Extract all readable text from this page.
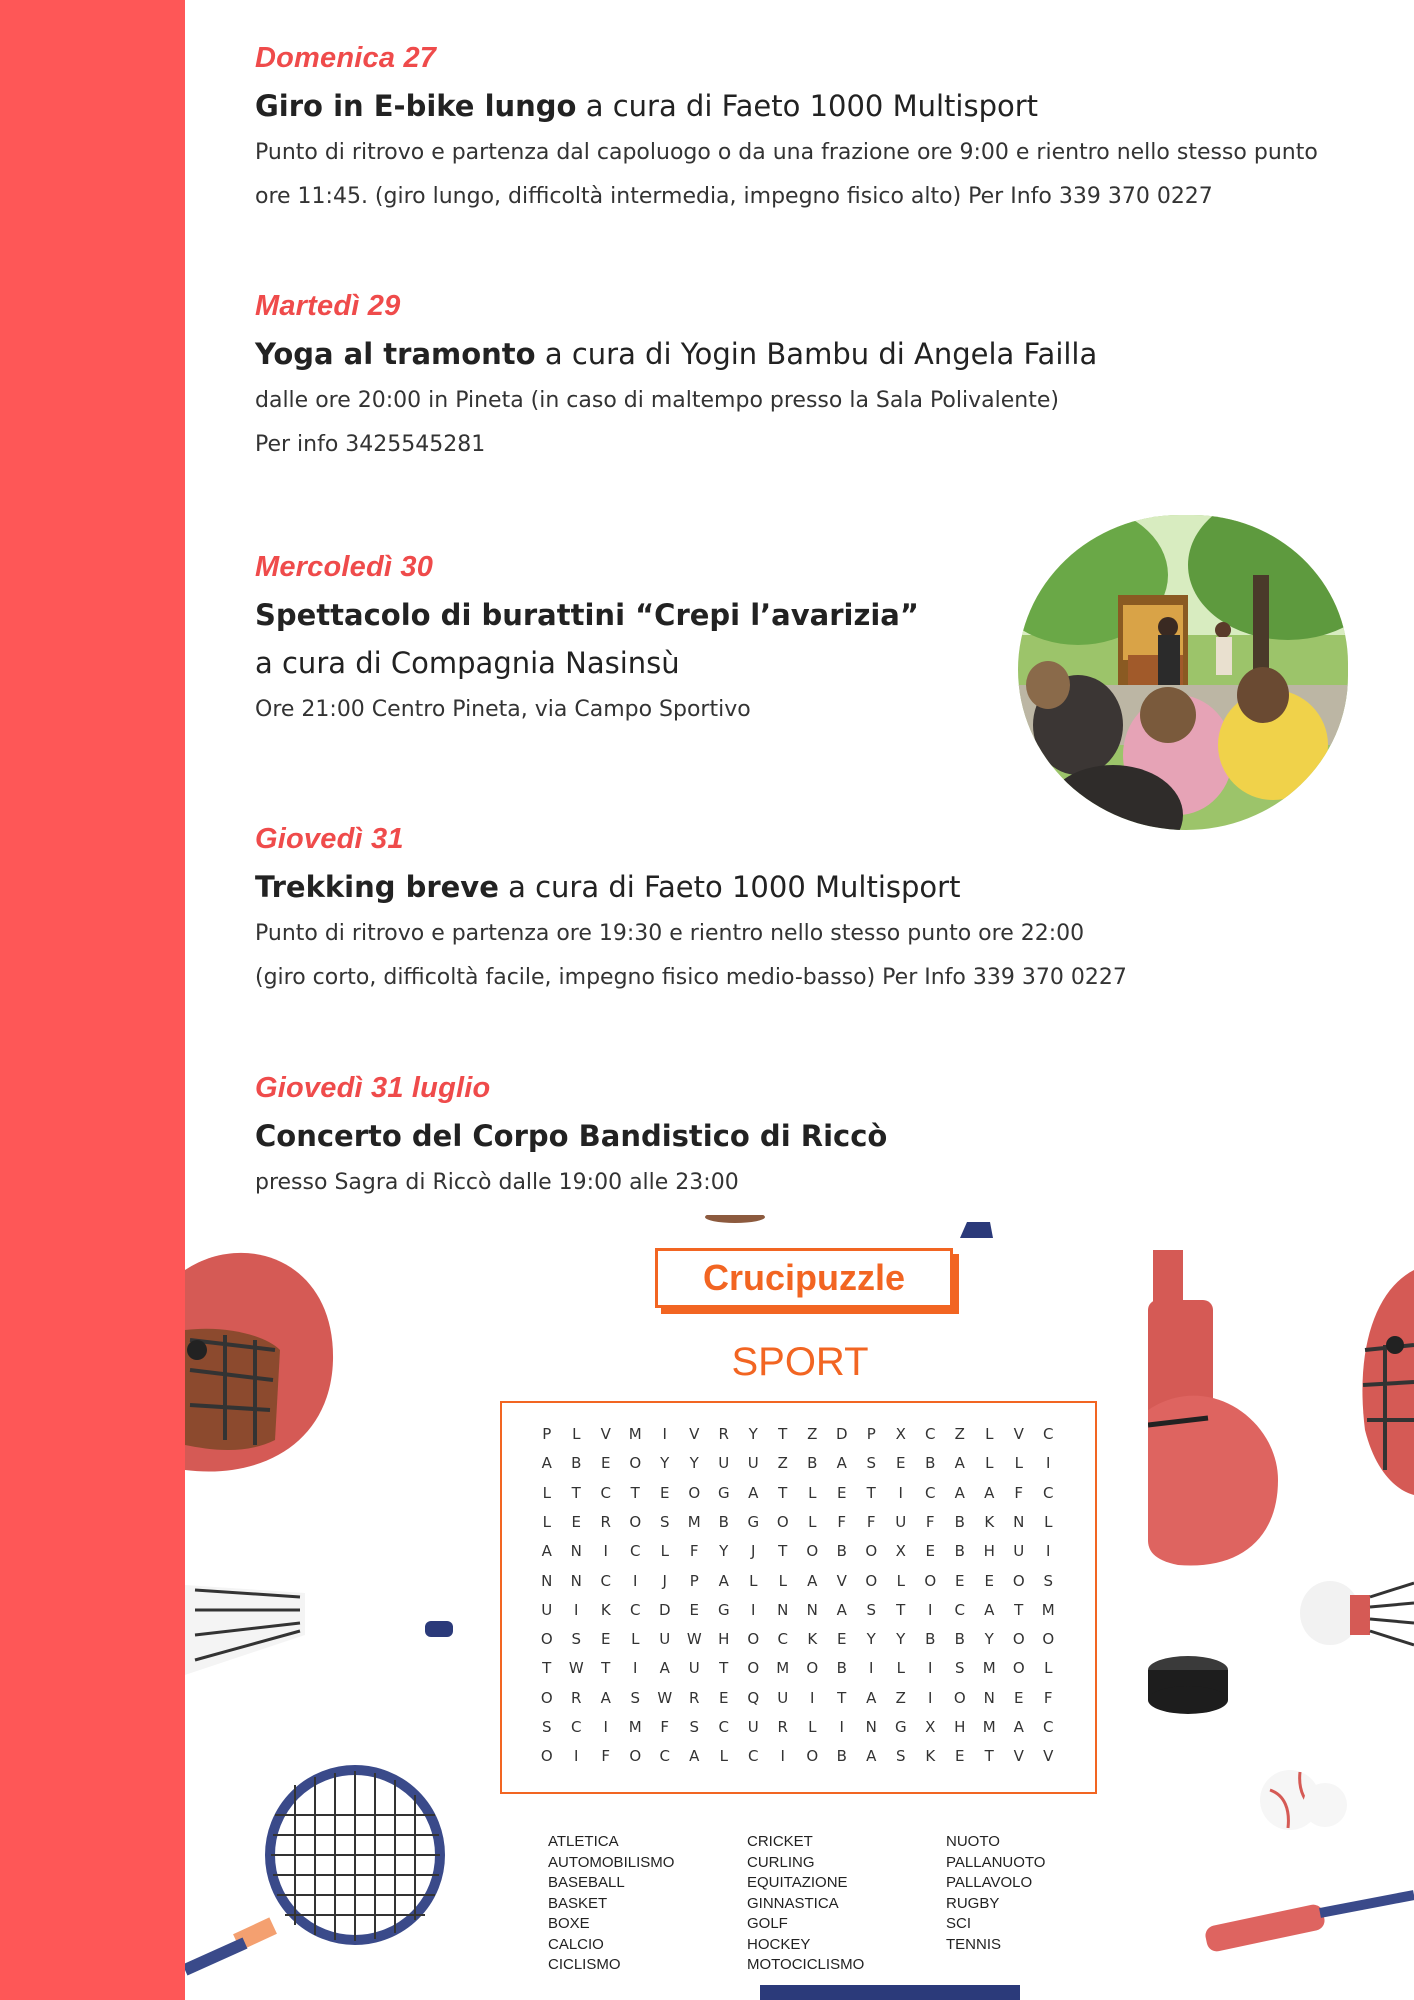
Domenica 27
Giro in E-bike lungo a cura di Faeto 1000 Multisport
Punto di ritrovo e partenza dal capoluogo o da una frazione ore 9:00 e rientro nello stesso punto
ore 11:45. (giro lungo, difficoltà intermedia, impegno fisico alto) Per Info 339 370 0227
Martedì 29
Yoga al tramonto a cura di Yogin Bambu di Angela Failla
dalle ore 20:00 in Pineta (in caso di maltempo presso la Sala Polivalente)
Per info 3425545281
Mercoledì 30
Spettacolo di burattini “Crepi l’avarizia”
a cura di Compagnia Nasinsù
Ore 21:00 Centro Pineta, via Campo Sportivo
Giovedì 31
Trekking breve a cura di Faeto 1000 Multisport
Punto di ritrovo e partenza ore 19:30 e rientro nello stesso punto ore 22:00
(giro corto, difficoltà facile, impegno fisico medio-basso) Per Info 339 370 0227
Giovedì 31 luglio
Concerto del Corpo Bandistico di Riccò
presso Sagra di Riccò dalle 19:00 alle 23:00
Crucipuzzle
SPORT
P	L	V	M	I	V	R	Y	T	Z	D	P	X	C	Z	L	V	C
A	B	E	O	Y	Y	U	U	Z	B	A	S	E	B	A	L	L	I
L	T	C	T	E	O	G	A	T	L	E	T	I	C	A	A	F	C
L	E	R	O	S	M	B	G	O	L	F	F	U	F	B	K	N	L
A	N	I	C	L	F	Y	J	T	O	B	O	X	E	B	H	U	I
N	N	C	I	J	P	A	L	L	A	V	O	L	O	E	E	O	S
U	I	K	C	D	E	G	I	N	N	A	S	T	I	C	A	T	M
O	S	E	L	U	W	H	O	C	K	E	Y	Y	B	B	Y	O	O
T	W	T	I	A	U	T	O	M	O	B	I	L	I	S	M	O	L
O	R	A	S	W	R	E	Q	U	I	T	A	Z	I	O	N	E	F
S	C	I	M	F	S	C	U	R	L	I	N	G	X	H	M	A	C
O	I	F	O	C	A	L	C	I	O	B	A	S	K	E	T	V	V
ATLETICA
AUTOMOBILISMO
BASEBALL
BASKET
BOXE
CALCIO
CICLISMO
CRICKET
CURLING
EQUITAZIONE
GINNASTICA
GOLF
HOCKEY
MOTOCICLISMO
NUOTO
PALLANUOTO
PALLAVOLO
RUGBY
SCI
TENNIS
